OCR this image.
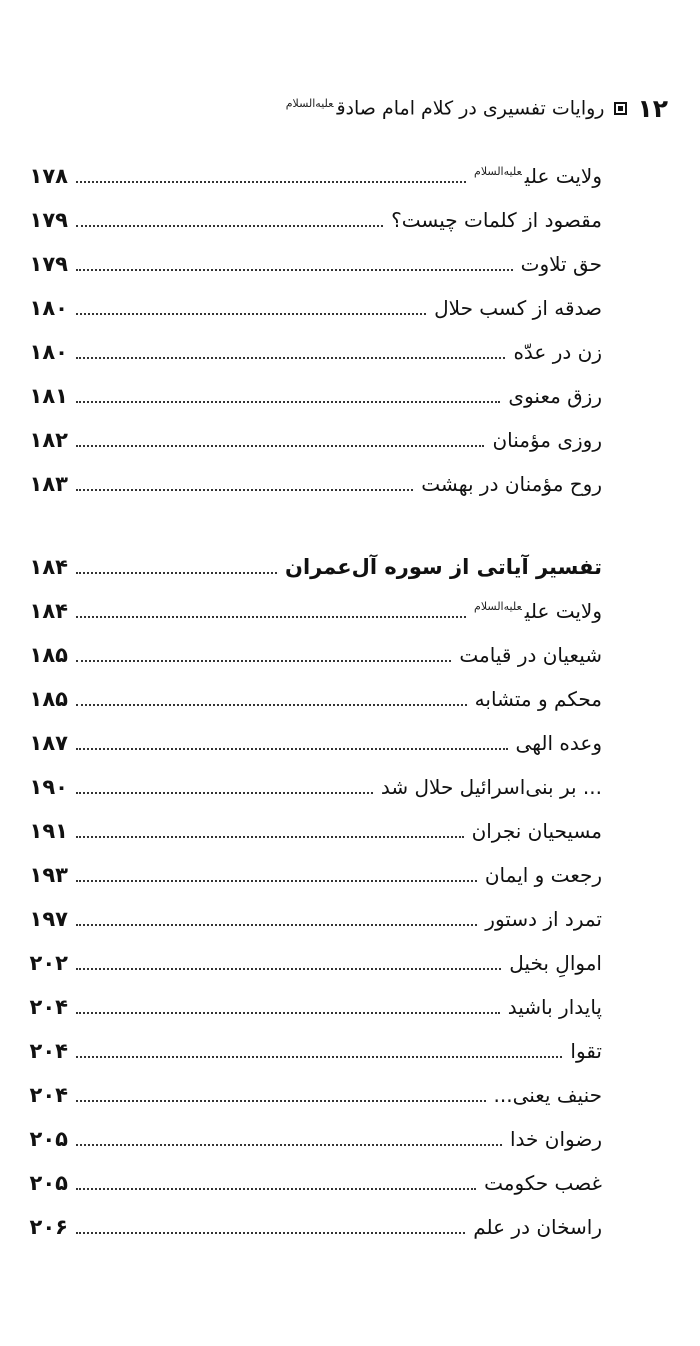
۱۲
روایات تفسیری در کلام امام صادق$^{علیه‌السلام}$
ولایت علی$^{علیه‌السلام}$
۱۷۸
مقصود از کلمات چیست؟
۱۷۹
حق تلاوت
۱۷۹
صدقه از کسب حلال
۱۸۰
زن در عدّه
۱۸۰
رزق معنوی
۱۸۱
روزی مؤمنان
۱۸۲
روح مؤمنان در بهشت
۱۸۳
تفسیر آیاتی از سوره آل‌عمران
۱۸۴
ولایت علی$^{علیه‌السلام}$
۱۸۴
شیعیان در قیامت
۱۸۵
محکم و متشابه
۱۸۵
وعده الهی
۱۸۷
... بر بنی‌اسرائیل حلال شد
۱۹۰
مسیحیان نجران
۱۹۱
رجعت و ایمان
۱۹۳
تمرد از دستور
۱۹۷
اموالِ بخیل
۲۰۲
پایدار باشید
۲۰۴
تقوا
۲۰۴
حنیف یعنی...
۲۰۴
رضوان خدا
۲۰۵
غصب حکومت
۲۰۵
راسخان در علم
۲۰۶
